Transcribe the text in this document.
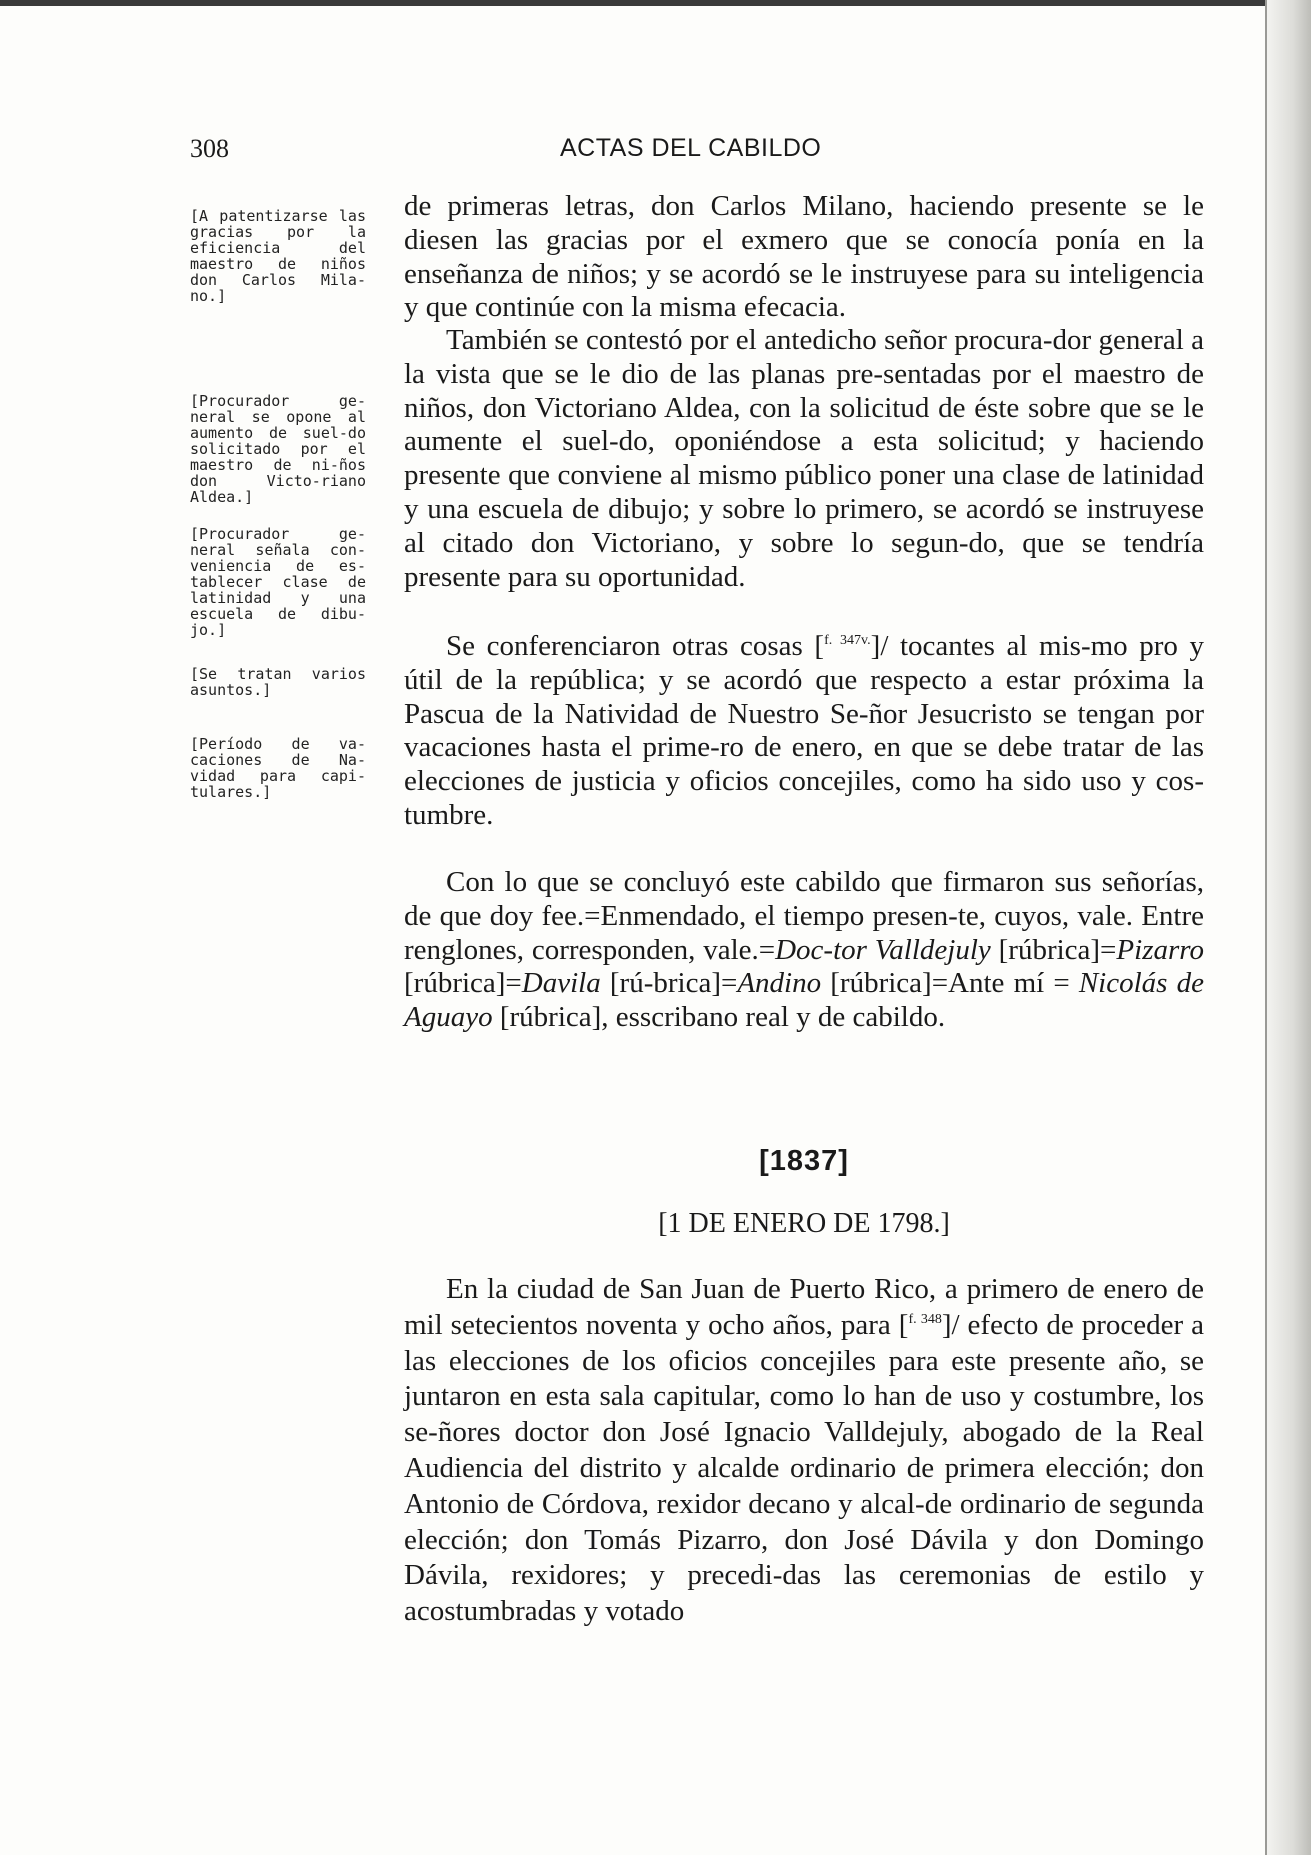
308	ACTAS DEL CABILDO
[A patentizarse las gracias por la eficiencia del maestro de niños don Carlos Mila-no.]
[Procurador ge-neral se opone al aumento de suel-do solicitado por el maestro de ni-ños don Victo-riano Aldea.]
[Procurador ge-neral señala con-veniencia de es-tablecer clase de latinidad y una escuela de dibu-jo.]
[Se tratan varios asuntos.]
[Período de va-caciones de Na-vidad para capi-tulares.]

de primeras letras, don Carlos Milano, haciendo presente se le diesen las gracias por el exmero que se conocía ponía en la enseñanza de niños; y se acordó se le instruyese para su inteligencia y que continúe con la misma efecacia.

También se contestó por el antedicho señor procura-dor general a la vista que se le dio de las planas pre-sentadas por el maestro de niños, don Victoriano Aldea, con la solicitud de éste sobre que se le aumente el suel-do, oponiéndose a esta solicitud; y haciendo presente que conviene al mismo público poner una clase de latinidad y una escuela de dibujo; y sobre lo primero, se acordó se instruyese al citado don Victoriano, y sobre lo segun-do, que se tendría presente para su oportunidad.

Se conferenciaron otras cosas [$^{f. 347v.}$]/ tocantes al mis-mo pro y útil de la república; y se acordó que respecto a estar próxima la Pascua de la Natividad de Nuestro Se-ñor Jesucristo se tengan por vacaciones hasta el prime-ro de enero, en que se debe tratar de las elecciones de justicia y oficios concejiles, como ha sido uso y cos-tumbre.

Con lo que se concluyó este cabildo que firmaron sus señorías, de que doy fee.=Enmendado, el tiempo presen-te, cuyos, vale. Entre renglones, corresponden, vale.=Doc-tor Valldejuly [rúbrica]=Pizarro [rúbrica]=Davila [rú-brica]=Andino [rúbrica]=Ante mí = Nicolás de Aguayo [rúbrica], esscribano real y de cabildo.

[1837]
[1 DE ENERO DE 1798.]

En la ciudad de San Juan de Puerto Rico, a primero de enero de mil setecientos noventa y ocho años, para [$^{f. 348}$]/ efecto de proceder a las elecciones de los oficios concejiles para este presente año, se juntaron en esta sala capitular, como lo han de uso y costumbre, los se-ñores doctor don José Ignacio Valldejuly, abogado de la Real Audiencia del distrito y alcalde ordinario de primera elección; don Antonio de Córdova, rexidor decano y alcal-de ordinario de segunda elección; don Tomás Pizarro, don José Dávila y don Domingo Dávila, rexidores; y precedi-das las ceremonias de estilo y acostumbradas y votado
